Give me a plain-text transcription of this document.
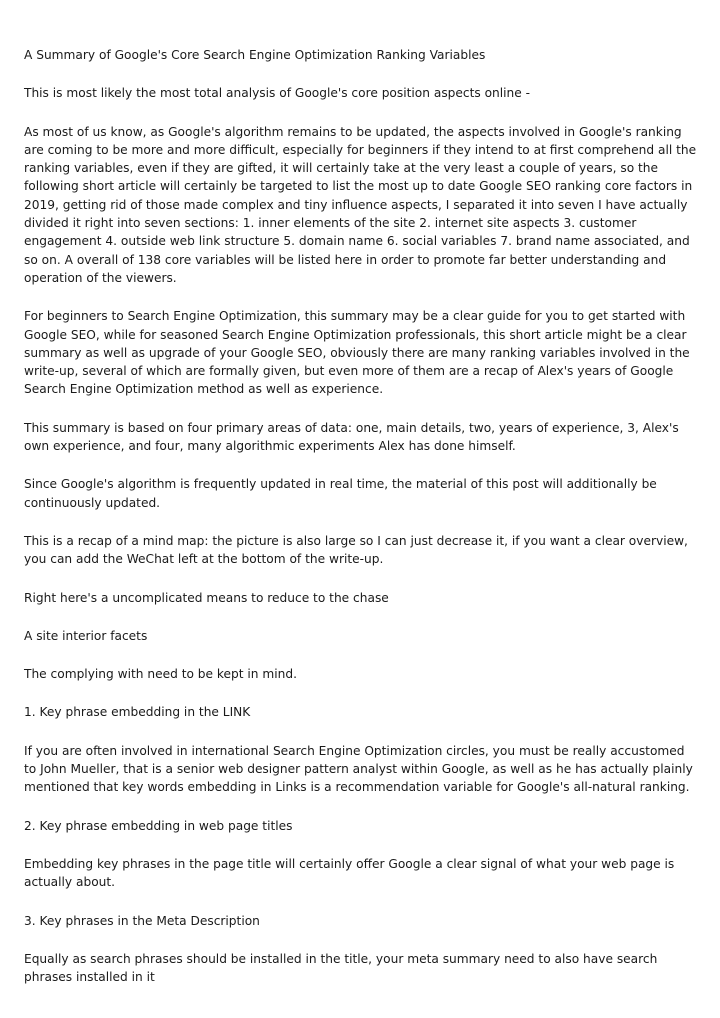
A Summary of Google's Core Search Engine Optimization Ranking Variables

This is most likely the most total analysis of Google's core position aspects online -

As most of us know, as Google's algorithm remains to be updated, the aspects involved in Google's ranking are coming to be more and more difficult, especially for beginners if they intend to at first comprehend all the ranking variables, even if they are gifted, it will certainly take at the very least a couple of years, so the following short article will certainly be targeted to list the most up to date Google SEO ranking core factors in 2019, getting rid of those made complex and tiny influence aspects, I separated it into seven I have actually divided it right into seven sections: 1. inner elements of the site 2. internet site aspects 3. customer engagement 4. outside web link structure 5. domain name 6. social variables 7. brand name associated, and so on. A overall of 138 core variables will be listed here in order to promote far better understanding and operation of the viewers.

For beginners to Search Engine Optimization, this summary may be a clear guide for you to get started with Google SEO, while for seasoned Search Engine Optimization professionals, this short article might be a clear summary as well as upgrade of your Google SEO, obviously there are many ranking variables involved in the write-up, several of which are formally given, but even more of them are a recap of Alex's years of Google Search Engine Optimization method as well as experience.

This summary is based on four primary areas of data: one, main details, two, years of experience, 3, Alex's own experience, and four, many algorithmic experiments Alex has done himself.

Since Google's algorithm is frequently updated in real time, the material of this post will additionally be continuously updated.

This is a recap of a mind map: the picture is also large so I can just decrease it, if you want a clear overview, you can add the WeChat left at the bottom of the write-up.

Right here's a uncomplicated means to reduce to the chase

A site interior facets

The complying with need to be kept in mind.

1. Key phrase embedding in the LINK

If you are often involved in international Search Engine Optimization circles, you must be really accustomed to John Mueller, that is a senior web designer pattern analyst within Google, as well as he has actually plainly mentioned that key words embedding in Links is a recommendation variable for Google's all-natural ranking.

2. Key phrase embedding in web page titles

Embedding key phrases in the page title will certainly offer Google a clear signal of what your web page is actually about.

3. Key phrases in the Meta Description

Equally as search phrases should be installed in the title, your meta summary need to also have search phrases installed in it
